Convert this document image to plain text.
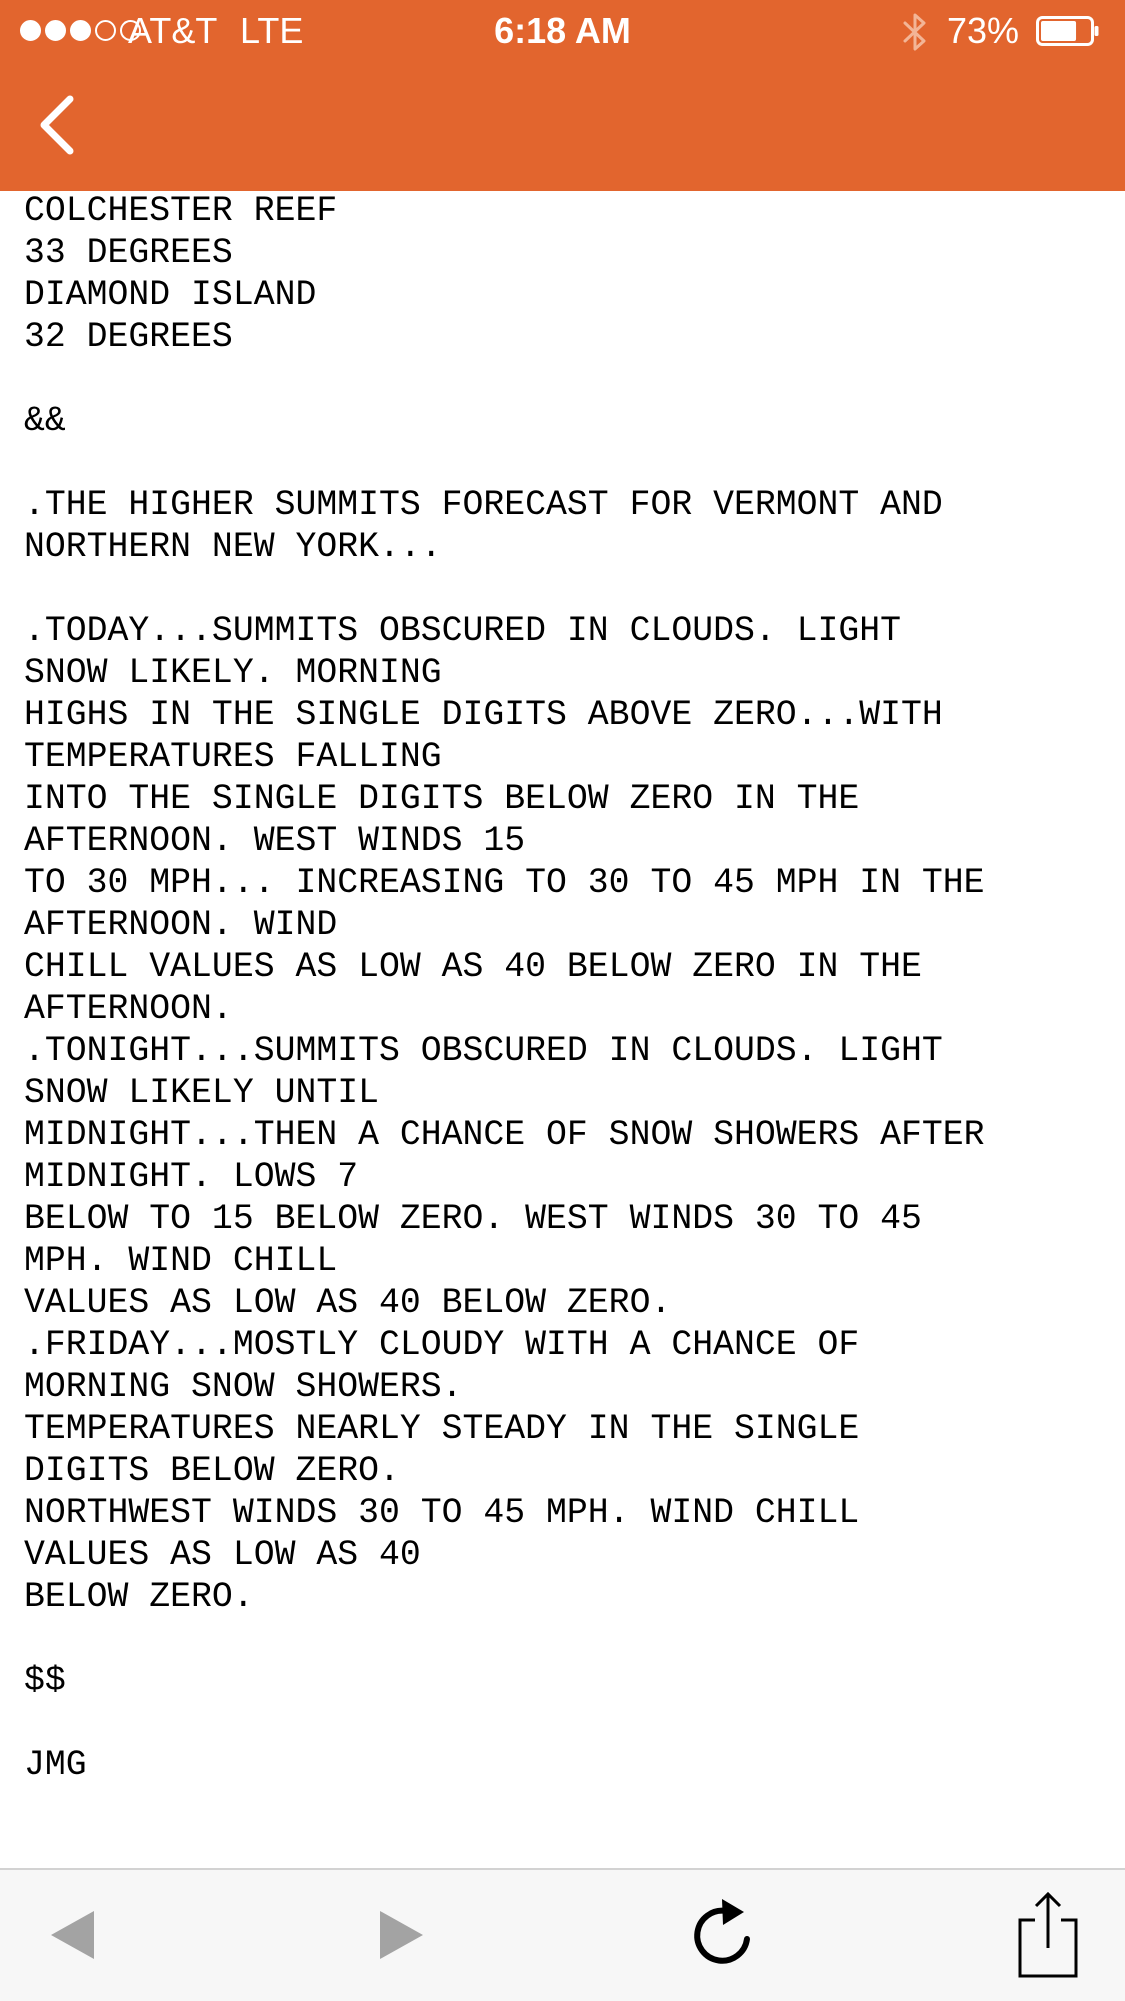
AT&T LTE	6:18 AM	73%
COLCHESTER REEF
33 DEGREES
DIAMOND ISLAND
32 DEGREES

&&

.THE HIGHER SUMMITS FORECAST FOR VERMONT AND
NORTHERN NEW YORK...

.TODAY...SUMMITS OBSCURED IN CLOUDS. LIGHT
SNOW LIKELY. MORNING
HIGHS IN THE SINGLE DIGITS ABOVE ZERO...WITH
TEMPERATURES FALLING
INTO THE SINGLE DIGITS BELOW ZERO IN THE
AFTERNOON. WEST WINDS 15
TO 30 MPH... INCREASING TO 30 TO 45 MPH IN THE
AFTERNOON. WIND
CHILL VALUES AS LOW AS 40 BELOW ZERO IN THE
AFTERNOON.
.TONIGHT...SUMMITS OBSCURED IN CLOUDS. LIGHT
SNOW LIKELY UNTIL
MIDNIGHT...THEN A CHANCE OF SNOW SHOWERS AFTER
MIDNIGHT. LOWS 7
BELOW TO 15 BELOW ZERO. WEST WINDS 30 TO 45
MPH. WIND CHILL
VALUES AS LOW AS 40 BELOW ZERO.
.FRIDAY...MOSTLY CLOUDY WITH A CHANCE OF
MORNING SNOW SHOWERS.
TEMPERATURES NEARLY STEADY IN THE SINGLE
DIGITS BELOW ZERO.
NORTHWEST WINDS 30 TO 45 MPH. WIND CHILL
VALUES AS LOW AS 40
BELOW ZERO.

$$

JMG
